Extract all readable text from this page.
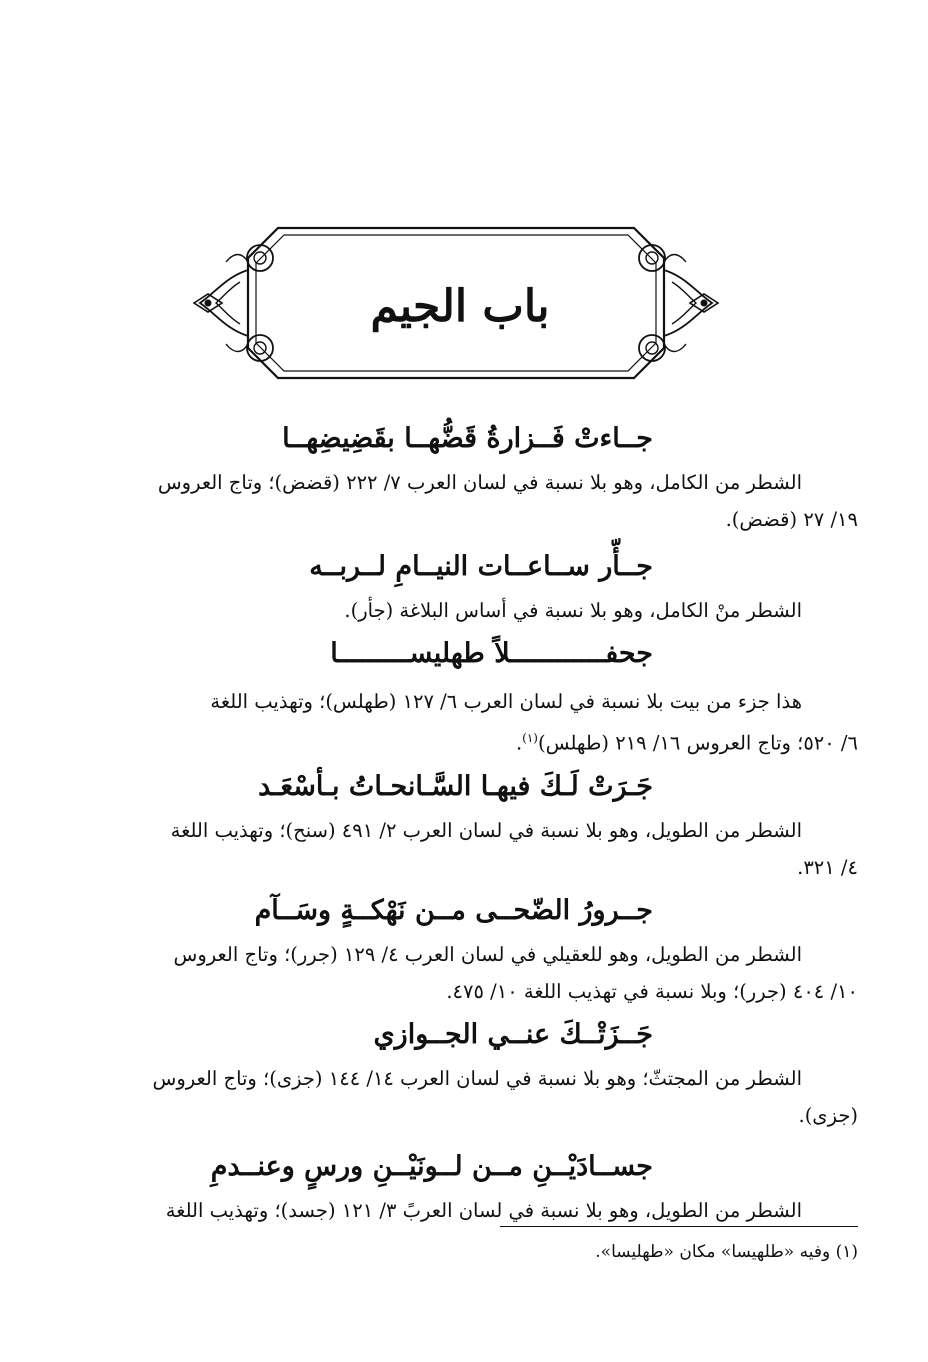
باب الجيم
جــاءتْ فَــزارةُ قَضُّهــا بقَضِيضِهــا
الشطر من الكامل، وهو بلا نسبة في لسان العرب ٧/ ٢٢٢ (قضض)؛ وتاج العروس
١٩/ ٢٧ (قضض).
جــأّر ســاعــات النيــامِ لــربــه
الشطر منْ الكامل، وهو بلا نسبة في أساس البلاغة (جأر).
جحفــــــــــــلاً طهليســـــــــا
هذا جزء من بيت بلا نسبة في لسان العرب ٦/ ١٢٧ (طهلس)؛ وتهذيب اللغة
٦/ ٥٢٠؛ وتاج العروس ١٦/ ٢١٩ (طهلس)$^{(١)}$.
جَـرَتْ لَـكَ فيهـا السَّـانحـاتُ بـأسْعَـد
الشطر من الطويل، وهو بلا نسبة في لسان العرب ٢/ ٤٩١ (سنح)؛ وتهذيب اللغة
٤/ ٣٢١.
جــرورُ الضّحــى مــن نَهْكــةٍ وسَــآم
الشطر من الطويل، وهو للعقيلي في لسان العرب ٤/ ١٢٩ (جرر)؛ وتاج العروس
١٠/ ٤٠٤ (جرر)؛ وبلا نسبة في تهذيب اللغة ١٠/ ٤٧٥.
جَــزَتْــكَ عنــي الجــوازي
الشطر من المجتثّ؛ وهو بلا نسبة في لسان العرب ١٤/ ١٤٤ (جزى)؛ وتاج العروس
(جزى).
جســادَيْــنِ مــن لــونَيْــنِ ورسٍ وعنــدمِ
الشطر من الطويل، وهو بلا نسبة في لسان العربً ٣/ ١٢١ (جسد)؛ وتهذيب اللغة
(١) وفيه «طلهيسا» مكان «طهليسا».
